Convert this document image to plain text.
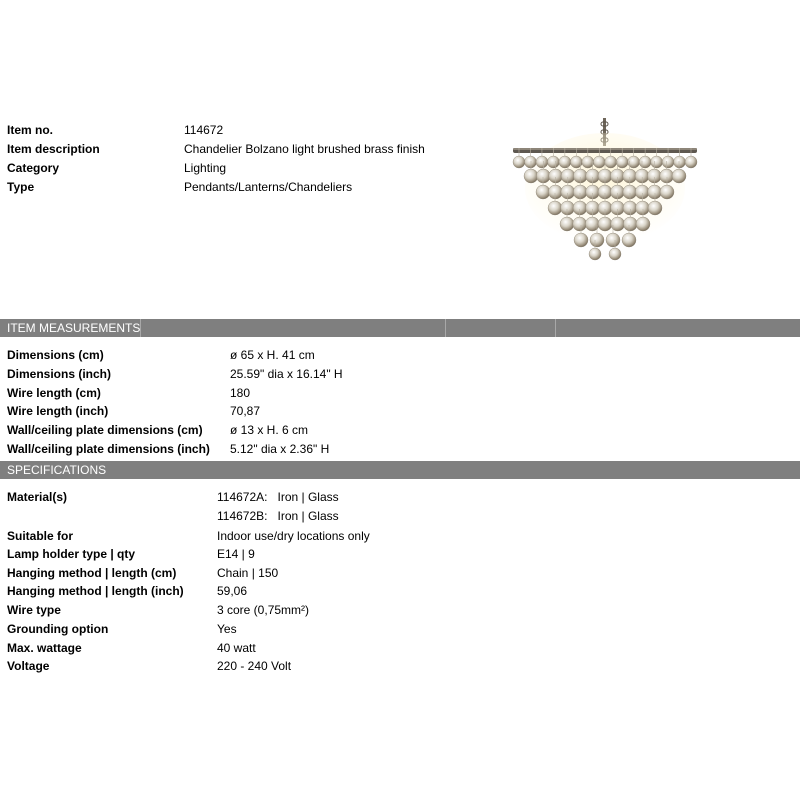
Item no.	114672
Item description	Chandelier Bolzano light brushed brass finish
Category	Lighting
Type	Pendants/Lanterns/Chandeliers
ITEM MEASUREMENTS
Dimensions (cm)	ø 65 x H. 41 cm
Dimensions (inch)	25.59" dia x 16.14" H
Wire length (cm)	180
Wire length (inch)	70,87
Wall/ceiling plate dimensions (cm) ø 13 x H. 6 cm
Wall/ceiling plate dimensions (inch) 5.12" dia x 2.36" H
SPECIFICATIONS
Material(s)	114672A:   Iron | Glass
114672B:   Iron | Glass
Suitable for	Indoor use/dry locations only
Lamp holder type | qty	E14 | 9
Hanging method | length (cm)	Chain | 150
Hanging method | length (inch)	59,06
Wire type	3 core (0,75mm²)
Grounding option	Yes
Max. wattage	40 watt
Voltage	220 - 240 Volt
